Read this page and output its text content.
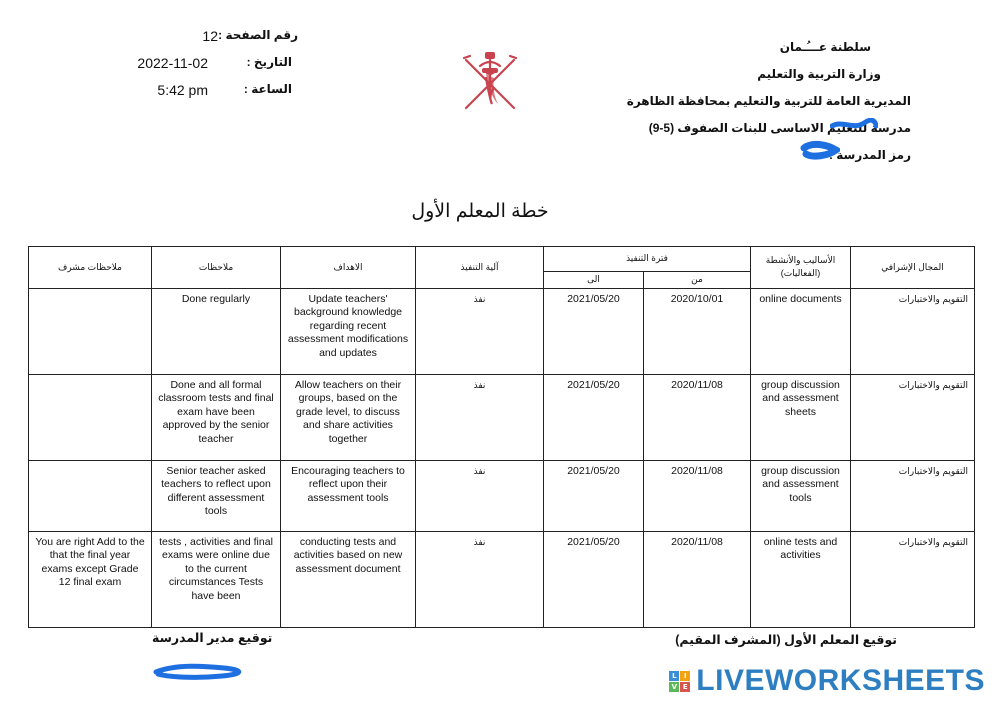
سلطنة عـــُـمان
وزارة التربية والتعليم
المديرية العامة للتربية والتعليم بمحافظة الظاهرة
مدرسة للتعليم الاساسى للبنات الصفوف (5-9)
رمز المدرسة :
12 رقم الصفحة :
2022-11-02	التاريخ :
5:42 pm	الساعة :
خطة المعلم الأول
ملاحظات مشرف	ملاحظات	الاهداف	آلية التنفيذ	فترة التنفيذ		الأساليب والأنشطة (الفعاليات)	المجال الإشرافي
				الى	من		
	Done regularly	Update teachers' background knowledge regarding recent assessment modifications and updates	نفذ	2021/05/20	2020/10/01	online documents	التقويم والاختبارات
	Done and all formal classroom tests and final exam have been approved by the senior teacher	Allow teachers on their groups, based on the grade level, to discuss and share activities together	نفذ	2021/05/20	2020/11/08	group discussion and assessment sheets	التقويم والاختبارات
	Senior teacher asked teachers to reflect upon different assessment tools	Encouraging teachers to reflect upon their assessment tools	نفذ	2021/05/20	2020/11/08	group discussion and assessment tools	التقويم والاختبارات
You are right Add to the that the final year exams except Grade 12 final exam	tests , activities and final exams were online due to the current circumstances Tests have been	conducting tests and activities based on new assessment document	نفذ	2021/05/20	2020/11/08	online tests and activities	التقويم والاختبارات
توقيع المعلم الأول (المشرف المقيم)
توقيع مدير المدرسة
L	I
V E LIVEWORKSHEETS
